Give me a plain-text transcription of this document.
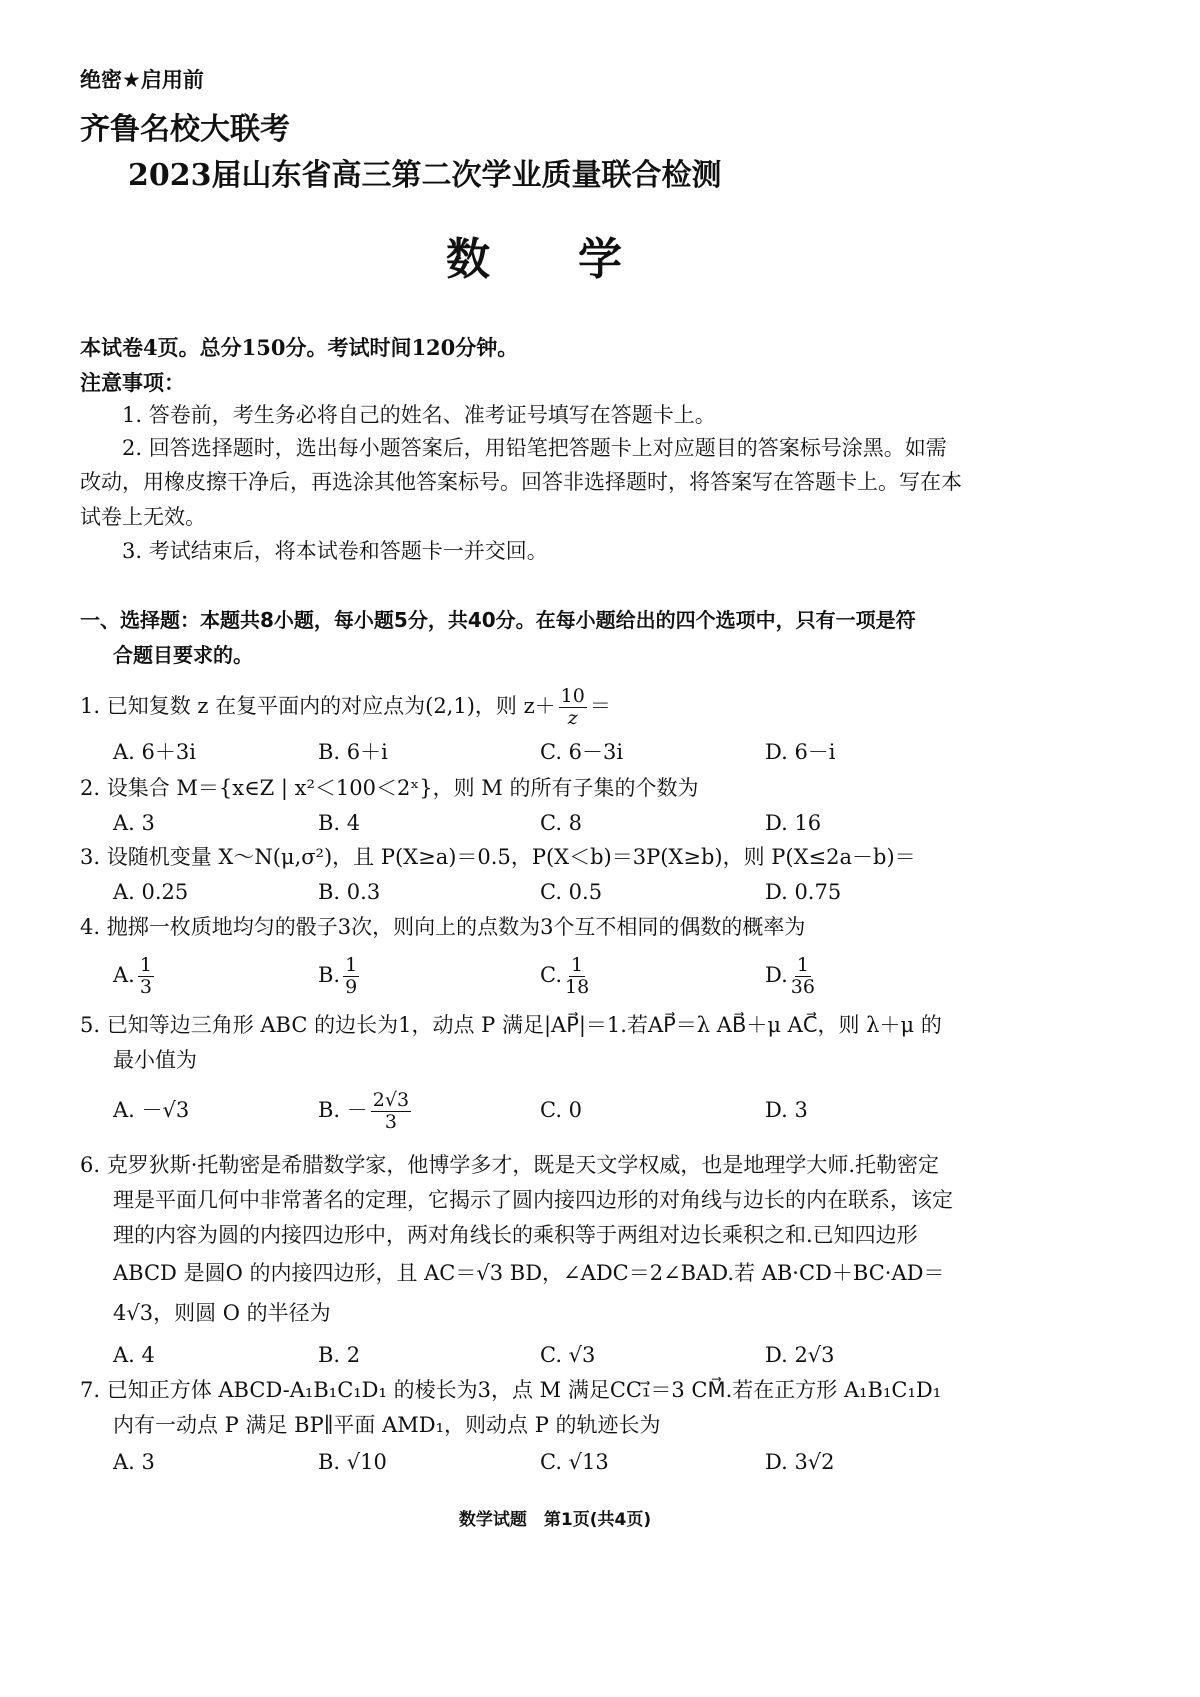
绝密★启用前
齐鲁名校大联考
2023届山东省高三第二次学业质量联合检测
数　　学
本试卷4页。总分150分。考试时间120分钟。
注意事项：
1. 答卷前，考生务必将自己的姓名、准考证号填写在答题卡上。
2. 回答选择题时，选出每小题答案后，用铅笔把答题卡上对应题目的答案标号涂黑。如需
改动，用橡皮擦干净后，再选涂其他答案标号。回答非选择题时，将答案写在答题卡上。写在本
试卷上无效。
3. 考试结束后，将本试卷和答题卡一并交回。
一、选择题：本题共8小题，每小题5分，共40分。在每小题给出的四个选项中，只有一项是符
合题目要求的。
1. 已知复数 z 在复平面内的对应点为(2,1)，则 $z+ \frac{10}{z}$ ＝
A. 6＋3i	B. 6＋i	C. 6－3i	D. 6－i
2. 设集合 M＝{x∈Z | x²＜100＜2ˣ}，则 M 的所有子集的个数为
A. 3	B. 4	C. 8	D. 16
3. 设随机变量 X～N(μ,σ²)，且 P(X≥a)＝0.5，P(X＜b)＝3P(X≥b)，则 P(X≤2a－b)＝
A. 0.25	B. 0.3	C. 0.5	D. 0.75
4. 抛掷一枚质地均匀的骰子3次，则向上的点数为3个互不相同的偶数的概率为
A. $\frac{1}{3}$	B. $\frac{1}{9}$	C. $\frac{1}{18}$	D. $\frac{1}{36}$
5. 已知等边三角形 ABC 的边长为1，动点 P 满足|AP⃗|＝1.若AP⃗＝λ AB⃗＋μ AC⃗，则 λ＋μ 的
最小值为
A. －√3	B. － $\frac{2√3}{3}$	C. 0	D. 3
6. 克罗狄斯·托勒密是希腊数学家，他博学多才，既是天文学权威，也是地理学大师.托勒密定
理是平面几何中非常著名的定理，它揭示了圆内接四边形的对角线与边长的内在联系，该定
理的内容为圆的内接四边形中，两对角线长的乘积等于两组对边长乘积之和.已知四边形
ABCD 是圆O 的内接四边形，且 AC＝√3 BD，∠ADC＝2∠BAD.若 AB·CD＋BC·AD＝
4√3，则圆 O 的半径为
A. 4	B. 2	C. √3	D. 2√3
7. 已知正方体 ABCD-A₁B₁C₁D₁ 的棱长为3，点 M 满足CC₁⃗＝3 CM⃗.若在正方形 A₁B₁C₁D₁
内有一动点 P 满足 BP∥平面 AMD₁，则动点 P 的轨迹长为
A. 3	B. √10	C. √13	D. 3√2
数学试题　第1页(共4页)
